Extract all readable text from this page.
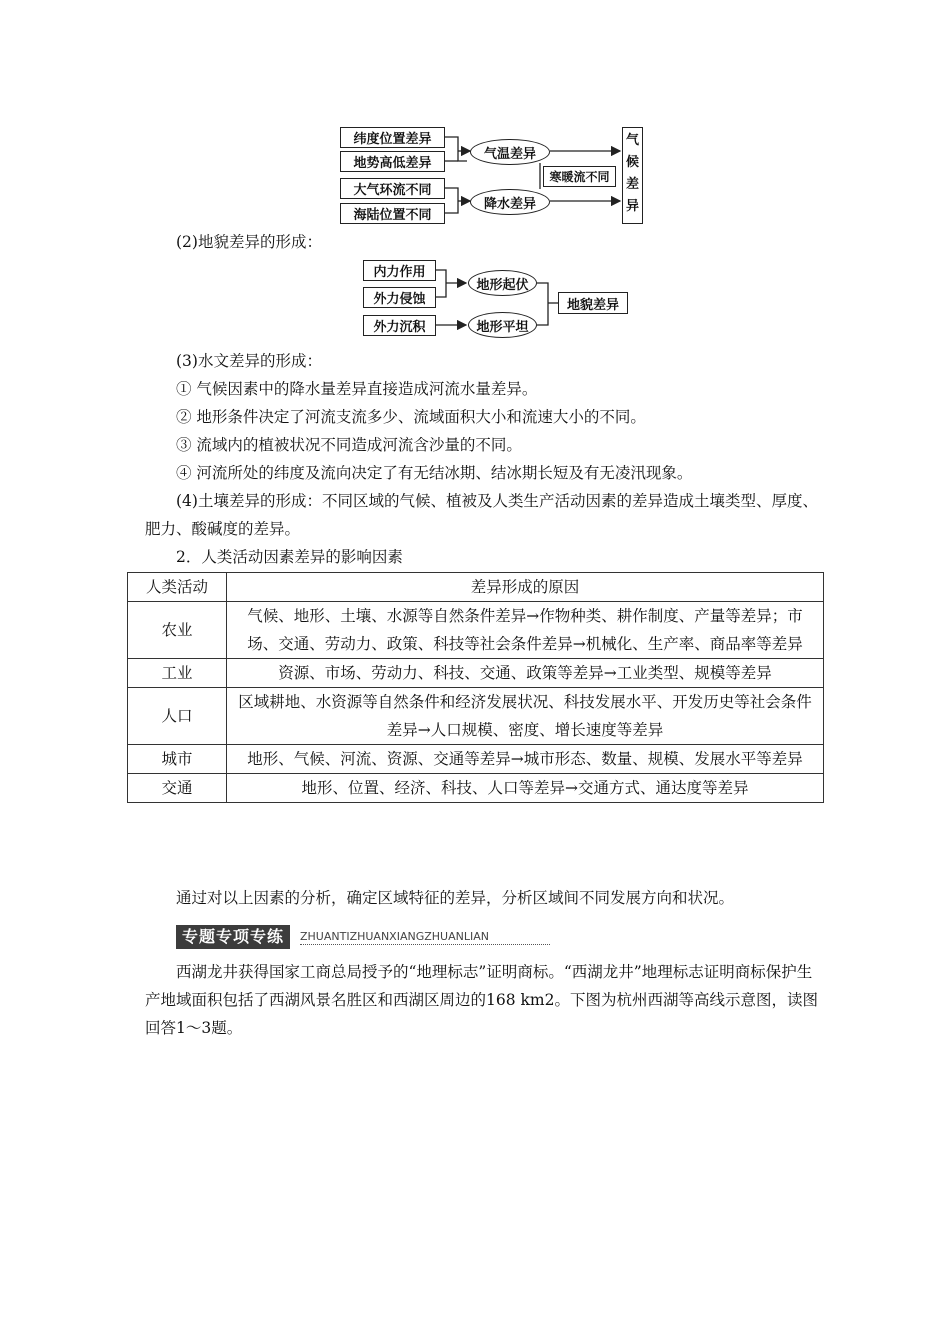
纬度位置差异
地势高低差异
大气环流不同
海陆位置不同
气温差异
降水差异
寒暖流不同
气
候
差
异
(2)地貌差异的形成：
内力作用
外力侵蚀
外力沉积
地形起伏
地形平坦
地貌差异
(3)水文差异的形成：
① 气候因素中的降水量差异直接造成河流水量差异。
② 地形条件决定了河流支流多少、流域面积大小和流速大小的不同。
③ 流域内的植被状况不同造成河流含沙量的不同。
④ 河流所处的纬度及流向决定了有无结冰期、结冰期长短及有无凌汛现象。
(4)土壤差异的形成：不同区域的气候、植被及人类生产活动因素的差异造成土壤类型、厚度、肥力、酸碱度的差异。
2．人类活动因素差异的影响因素
人类活动	差异形成的原因
农业	气候、地形、土壤、水源等自然条件差异→作物种类、耕作制度、产量等差异；市场、交通、劳动力、政策、科技等社会条件差异→机械化、生产率、商品率等差异
工业	资源、市场、劳动力、科技、交通、政策等差异→工业类型、规模等差异
人口	区域耕地、水资源等自然条件和经济发展状况、科技发展水平、开发历史等社会条件差异→人口规模、密度、增长速度等差异
城市	地形、气候、河流、资源、交通等差异→城市形态、数量、规模、发展水平等差异
交通	地形、位置、经济、科技、人口等差异→交通方式、通达度等差异
通过对以上因素的分析，确定区域特征的差异，分析区域间不同发展方向和状况。
专题专项专练	ZHUANTIZHUANXIANGZHUANLIAN
西湖龙井获得国家工商总局授予的“地理标志”证明商标。“西湖龙井”地理标志证明商标保护生产地域面积包括了西湖风景名胜区和西湖区周边的168 km2。下图为杭州西湖等高线示意图，读图回答1～3题。
